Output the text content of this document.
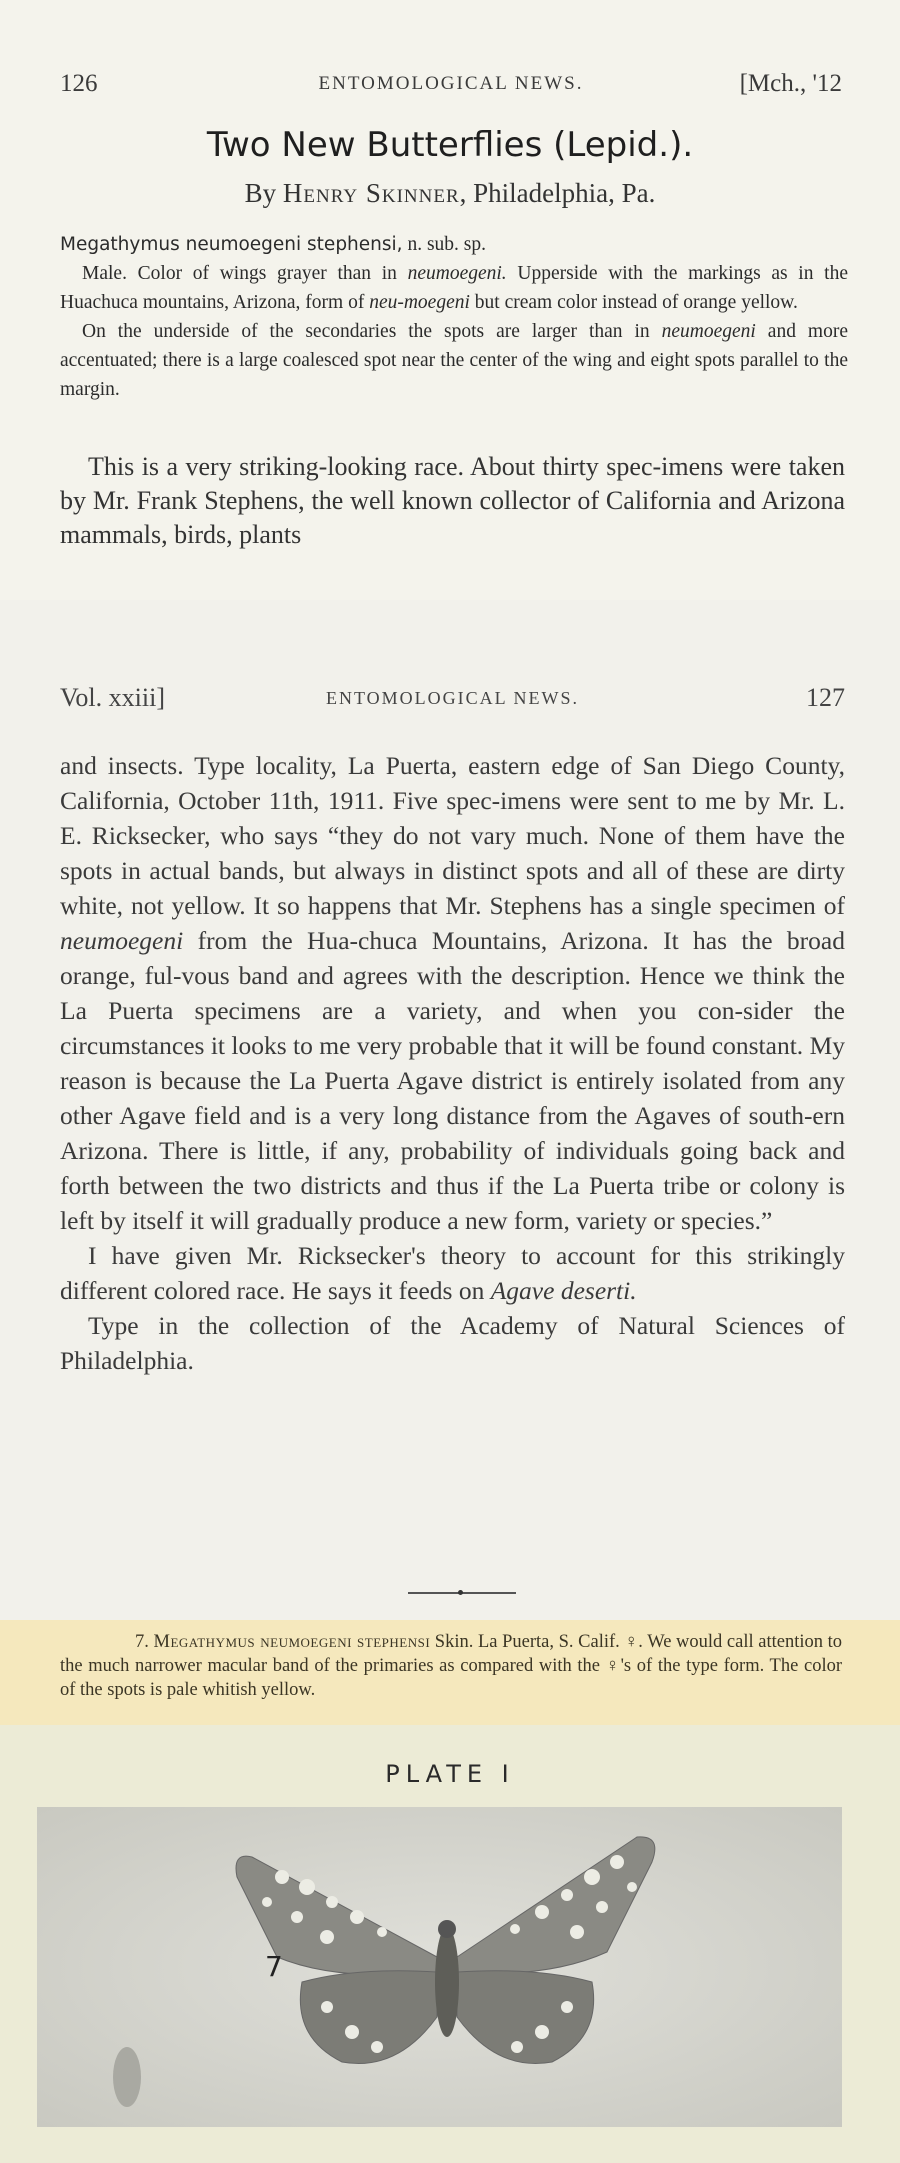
126	ENTOMOLOGICAL NEWS.	[Mch., '12
Two New Butterflies (Lepid.).
By Henry Skinner, Philadelphia, Pa.

Megathymus neumoegeni stephensi, n. sub. sp.

Male. Color of wings grayer than in neumoegeni. Upperside with the markings as in the Huachuca mountains, Arizona, form of neu-moegeni but cream color instead of orange yellow.

On the underside of the secondaries the spots are larger than in neumoegeni and more accentuated; there is a large coalesced spot near the center of the wing and eight spots parallel to the margin.

This is a very striking-looking race. About thirty spec-imens were taken by Mr. Frank Stephens, the well known collector of California and Arizona mammals, birds, plants

Vol. xxiii]	ENTOMOLOGICAL NEWS.	127

and insects. Type locality, La Puerta, eastern edge of San Diego County, California, October 11th, 1911. Five spec-imens were sent to me by Mr. L. E. Ricksecker, who says “they do not vary much. None of them have the spots in actual bands, but always in distinct spots and all of these are dirty white, not yellow. It so happens that Mr. Stephens has a single specimen of neumoegeni from the Hua-chuca Mountains, Arizona. It has the broad orange, ful-vous band and agrees with the description. Hence we think the La Puerta specimens are a variety, and when you con-sider the circumstances it looks to me very probable that it will be found constant. My reason is because the La Puerta Agave district is entirely isolated from any other Agave field and is a very long distance from the Agaves of south-ern Arizona. There is little, if any, probability of individuals going back and forth between the two districts and thus if the La Puerta tribe or colony is left by itself it will gradually produce a new form, variety or species.”

I have given Mr. Ricksecker's theory to account for this strikingly different colored race. He says it feeds on Agave deserti.

Type in the collection of the Academy of Natural Sciences of Philadelphia.

7. Megathymus neumoegeni stephensi Skin. La Puerta, S. Calif. ♀. We would call attention to the much narrower macular band of the primaries as compared with the ♀'s of the type form. The color of the spots is pale whitish yellow.

PLATE I
7
